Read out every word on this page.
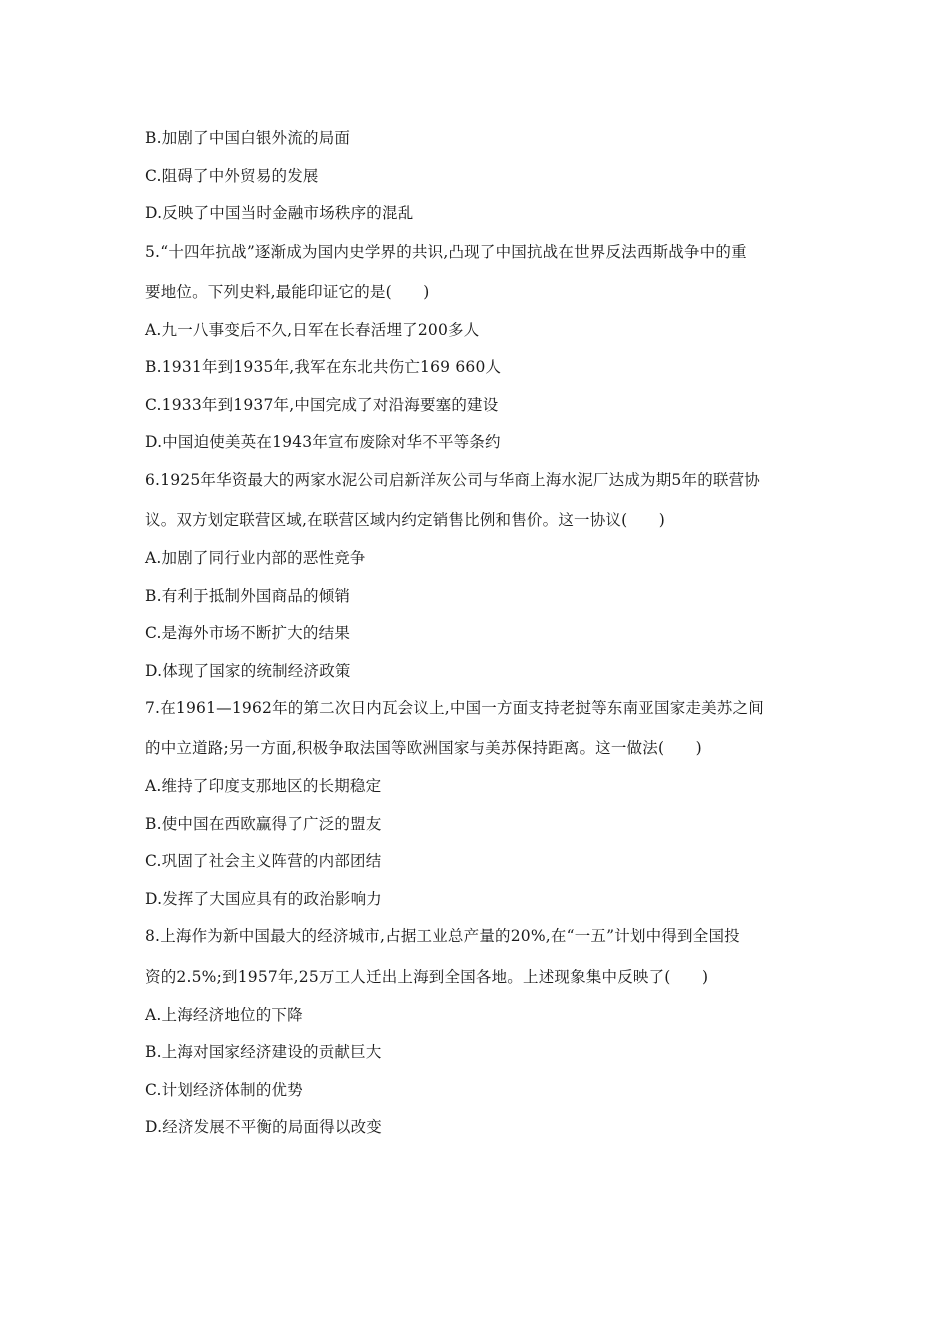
B.加剧了中国白银外流的局面
C.阻碍了中外贸易的发展
D.反映了中国当时金融市场秩序的混乱
5.“十四年抗战”逐渐成为国内史学界的共识,凸现了中国抗战在世界反法西斯战争中的重
要地位。下列史料,最能印证它的是(　　)
A.九一八事变后不久,日军在长春活埋了200多人
B.1931年到1935年,我军在东北共伤亡169 660人
C.1933年到1937年,中国完成了对沿海要塞的建设
D.中国迫使美英在1943年宣布废除对华不平等条约
6.1925年华资最大的两家水泥公司启新洋灰公司与华商上海水泥厂达成为期5年的联营协
议。双方划定联营区域,在联营区域内约定销售比例和售价。这一协议(　　)
A.加剧了同行业内部的恶性竞争
B.有利于抵制外国商品的倾销
C.是海外市场不断扩大的结果
D.体现了国家的统制经济政策
7.在1961—1962年的第二次日内瓦会议上,中国一方面支持老挝等东南亚国家走美苏之间
的中立道路;另一方面,积极争取法国等欧洲国家与美苏保持距离。这一做法(　　)
A.维持了印度支那地区的长期稳定
B.使中国在西欧赢得了广泛的盟友
C.巩固了社会主义阵营的内部团结
D.发挥了大国应具有的政治影响力
8.上海作为新中国最大的经济城市,占据工业总产量的20%,在“一五”计划中得到全国投
资的2.5%;到1957年,25万工人迁出上海到全国各地。上述现象集中反映了(　　)
A.上海经济地位的下降
B.上海对国家经济建设的贡献巨大
C.计划经济体制的优势
D.经济发展不平衡的局面得以改变
